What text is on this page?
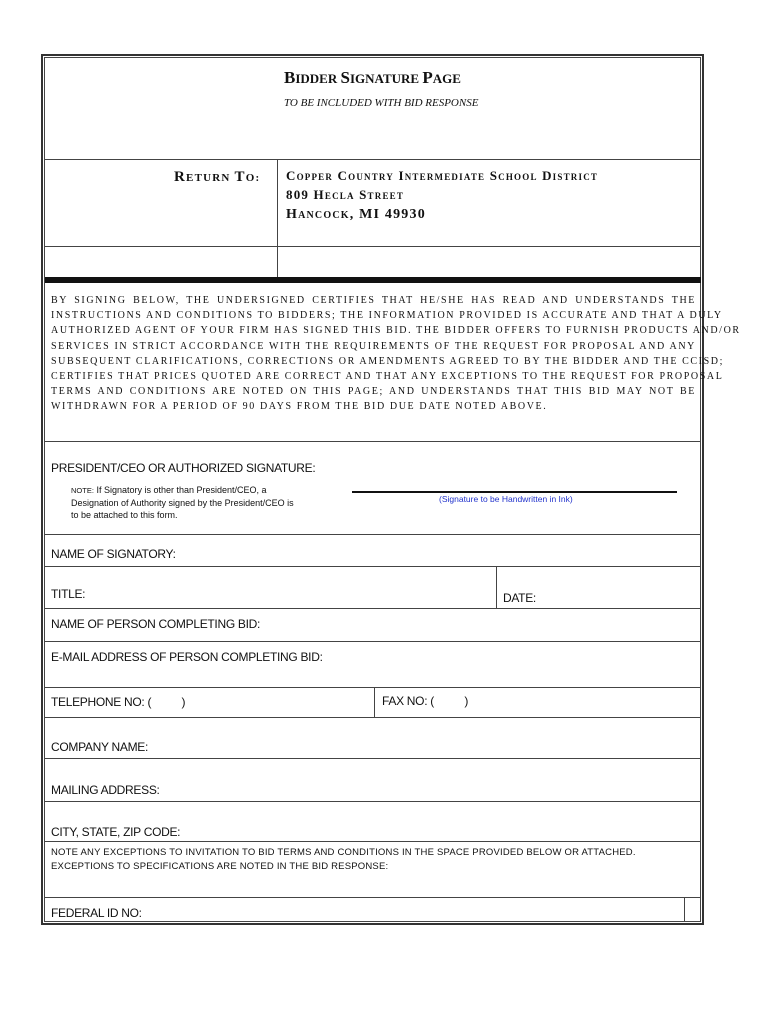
BIDDER SIGNATURE PAGE
TO BE INCLUDED WITH BID RESPONSE
RETURN TO: Copper Country Intermediate School District
809 Hecla Street
Hancock, MI 49930
BY SIGNING BELOW, THE UNDERSIGNED CERTIFIES THAT HE/SHE HAS READ AND UNDERSTANDS THE
INSTRUCTIONS AND CONDITIONS TO BIDDERS; THE INFORMATION PROVIDED IS ACCURATE AND THAT A DULY
AUTHORIZED AGENT OF YOUR FIRM HAS SIGNED THIS BID. THE BIDDER OFFERS TO FURNISH PRODUCTS AND/OR
SERVICES IN STRICT ACCORDANCE WITH THE REQUIREMENTS OF THE REQUEST FOR PROPOSAL AND ANY
SUBSEQUENT CLARIFICATIONS, CORRECTIONS OR AMENDMENTS AGREED TO BY THE BIDDER AND THE CCISD;
CERTIFIES THAT PRICES QUOTED ARE CORRECT AND THAT ANY EXCEPTIONS TO THE REQUEST FOR PROPOSAL
TERMS AND CONDITIONS ARE NOTED ON THIS PAGE; AND UNDERSTANDS THAT THIS BID MAY NOT BE
WITHDRAWN FOR A PERIOD OF 90 DAYS FROM THE BID DUE DATE NOTED ABOVE.
PRESIDENT/CEO OR AUTHORIZED SIGNATURE:
NOTE: If Signatory is other than President/CEO, a
Designation of Authority signed by the President/CEO is
to be attached to this form.
(Signature to be Handwritten in Ink)
NAME OF SIGNATORY:
TITLE:	DATE:
NAME OF PERSON COMPLETING BID:
E-MAIL ADDRESS OF PERSON COMPLETING BID:
TELEPHONE NO: (          )	FAX NO: (          )
COMPANY NAME:
MAILING ADDRESS:
CITY, STATE, ZIP CODE:
NOTE ANY EXCEPTIONS TO INVITATION TO BID TERMS AND CONDITIONS IN THE SPACE PROVIDED BELOW OR ATTACHED.
EXCEPTIONS TO SPECIFICATIONS ARE NOTED IN THE BID RESPONSE:
FEDERAL ID NO:
